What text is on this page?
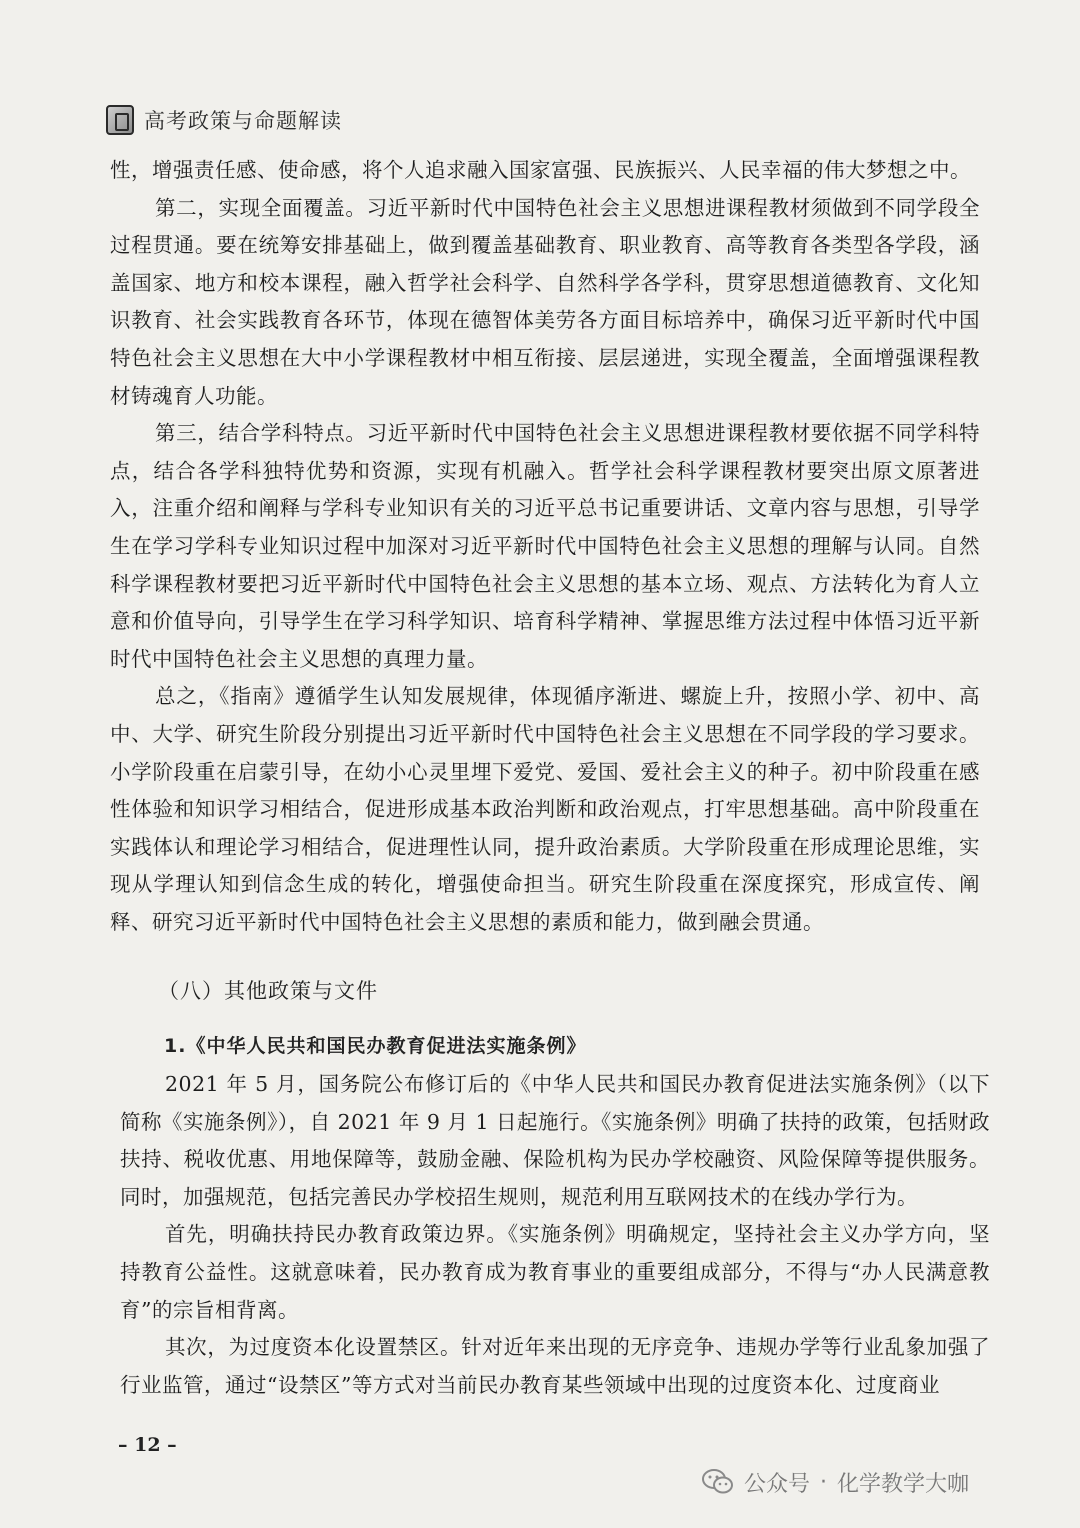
高考政策与命题解读

性，增强责任感、使命感，将个人追求融入国家富强、民族振兴、人民幸福的伟大梦想之中。

第二，实现全面覆盖。习近平新时代中国特色社会主义思想进课程教材须做到不同学段全过程贯通。要在统筹安排基础上，做到覆盖基础教育、职业教育、高等教育各类型各学段，涵盖国家、地方和校本课程，融入哲学社会科学、自然科学各学科，贯穿思想道德教育、文化知识教育、社会实践教育各环节，体现在德智体美劳各方面目标培养中，确保习近平新时代中国特色社会主义思想在大中小学课程教材中相互衔接、层层递进，实现全覆盖，全面增强课程教材铸魂育人功能。

第三，结合学科特点。习近平新时代中国特色社会主义思想进课程教材要依据不同学科特点，结合各学科独特优势和资源，实现有机融入。哲学社会科学课程教材要突出原文原著进入，注重介绍和阐释与学科专业知识有关的习近平总书记重要讲话、文章内容与思想，引导学生在学习学科专业知识过程中加深对习近平新时代中国特色社会主义思想的理解与认同。自然科学课程教材要把习近平新时代中国特色社会主义思想的基本立场、观点、方法转化为育人立意和价值导向，引导学生在学习科学知识、培育科学精神、掌握思维方法过程中体悟习近平新时代中国特色社会主义思想的真理力量。

总之，《指南》遵循学生认知发展规律，体现循序渐进、螺旋上升，按照小学、初中、高中、大学、研究生阶段分别提出习近平新时代中国特色社会主义思想在不同学段的学习要求。小学阶段重在启蒙引导，在幼小心灵里埋下爱党、爱国、爱社会主义的种子。初中阶段重在感性体验和知识学习相结合，促进形成基本政治判断和政治观点，打牢思想基础。高中阶段重在实践体认和理论学习相结合，促进理性认同，提升政治素质。大学阶段重在形成理论思维，实现从学理认知到信念生成的转化，增强使命担当。研究生阶段重在深度探究，形成宣传、阐释、研究习近平新时代中国特色社会主义思想的素质和能力，做到融会贯通。

（八）其他政策与文件
1.《中华人民共和国民办教育促进法实施条例》

2021 年 5 月，国务院公布修订后的《中华人民共和国民办教育促进法实施条例》（以下简称《实施条例》），自 2021 年 9 月 1 日起施行。《实施条例》明确了扶持的政策，包括财政扶持、税收优惠、用地保障等，鼓励金融、保险机构为民办学校融资、风险保障等提供服务。同时，加强规范，包括完善民办学校招生规则，规范利用互联网技术的在线办学行为。

首先，明确扶持民办教育政策边界。《实施条例》明确规定，坚持社会主义办学方向，坚持教育公益性。这就意味着，民办教育成为教育事业的重要组成部分，不得与“办人民满意教育”的宗旨相背离。

其次，为过度资本化设置禁区。针对近年来出现的无序竞争、违规办学等行业乱象加强了行业监管，通过“设禁区”等方式对当前民办教育某些领域中出现的过度资本化、过度商业

– 12 –
公众号 · 化学教学大咖
